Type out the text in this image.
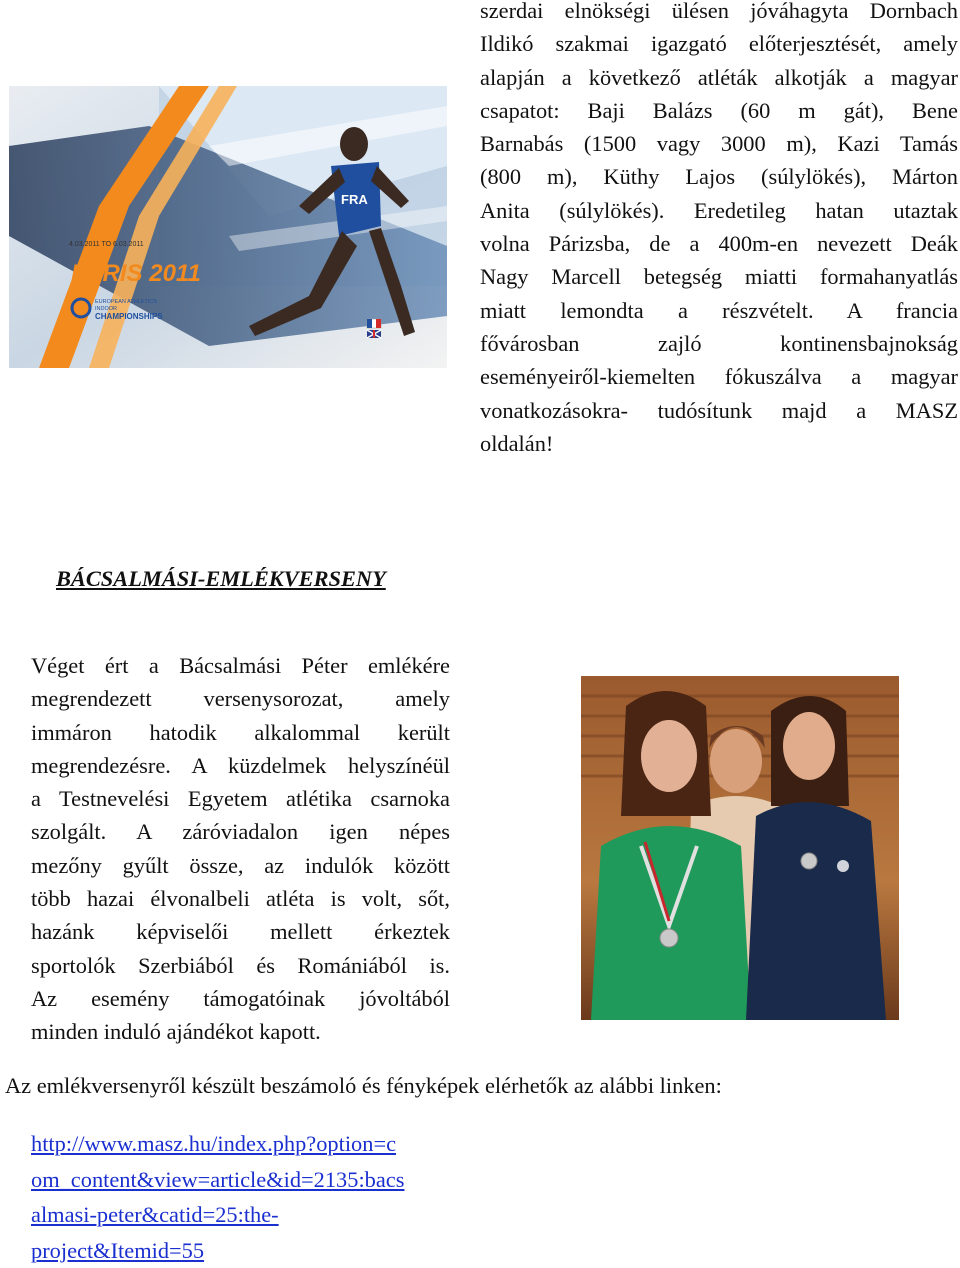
szerdai elnökségi ülésen jóváhagyta Dornbach
Ildikó szakmai igazgató előterjesztését, amely
alapján a következő atléták alkotják a magyar
csapatot: Baji Balázs (60 m gát), Bene
Barnabás (1500 vagy 3000 m), Kazi Tamás
(800 m), Küthy Lajos (súlylökés), Márton
Anita (súlylökés). Eredetileg hatan utaztak
volna Párizsba, de a 400m-en nevezett Deák
Nagy Marcell betegség miatti formahanyatlás
miatt lemondta a részvételt. A francia
fővárosban zajló kontinensbajnokság
eseményeiről-kiemelten fókuszálva a magyar
vonatkozásokra- tudósítunk majd a MASZ
oldalán!
FRA
4.03.2011 TO 6.03.2011
PARIS 2011
EUROPEAN ATHLETICS
INDOOR
CHAMPIONSHIPS
BÁCSALMÁSI-EMLÉKVERSENY
Véget ért a Bácsalmási Péter emlékére
megrendezett versenysorozat, amely
immáron hatodik alkalommal került
megrendezésre. A küzdelmek helyszínéül
a Testnevelési Egyetem atlétika csarnoka
szolgált. A záróviadalon igen népes
mezőny gyűlt össze, az indulók között
több hazai élvonalbeli atléta is volt, sőt,
hazánk képviselői mellett érkeztek
sportolók Szerbiából és Romániából is.
Az esemény támogatóinak jóvoltából
minden induló ajándékot kapott.
Az emlékversenyről készült beszámoló és fényképek elérhetők az alábbi linken:
http://www.masz.hu/index.php?option=c
om_content&view=article&id=2135:bacs
almasi-peter&catid=25:the-
project&Itemid=55
